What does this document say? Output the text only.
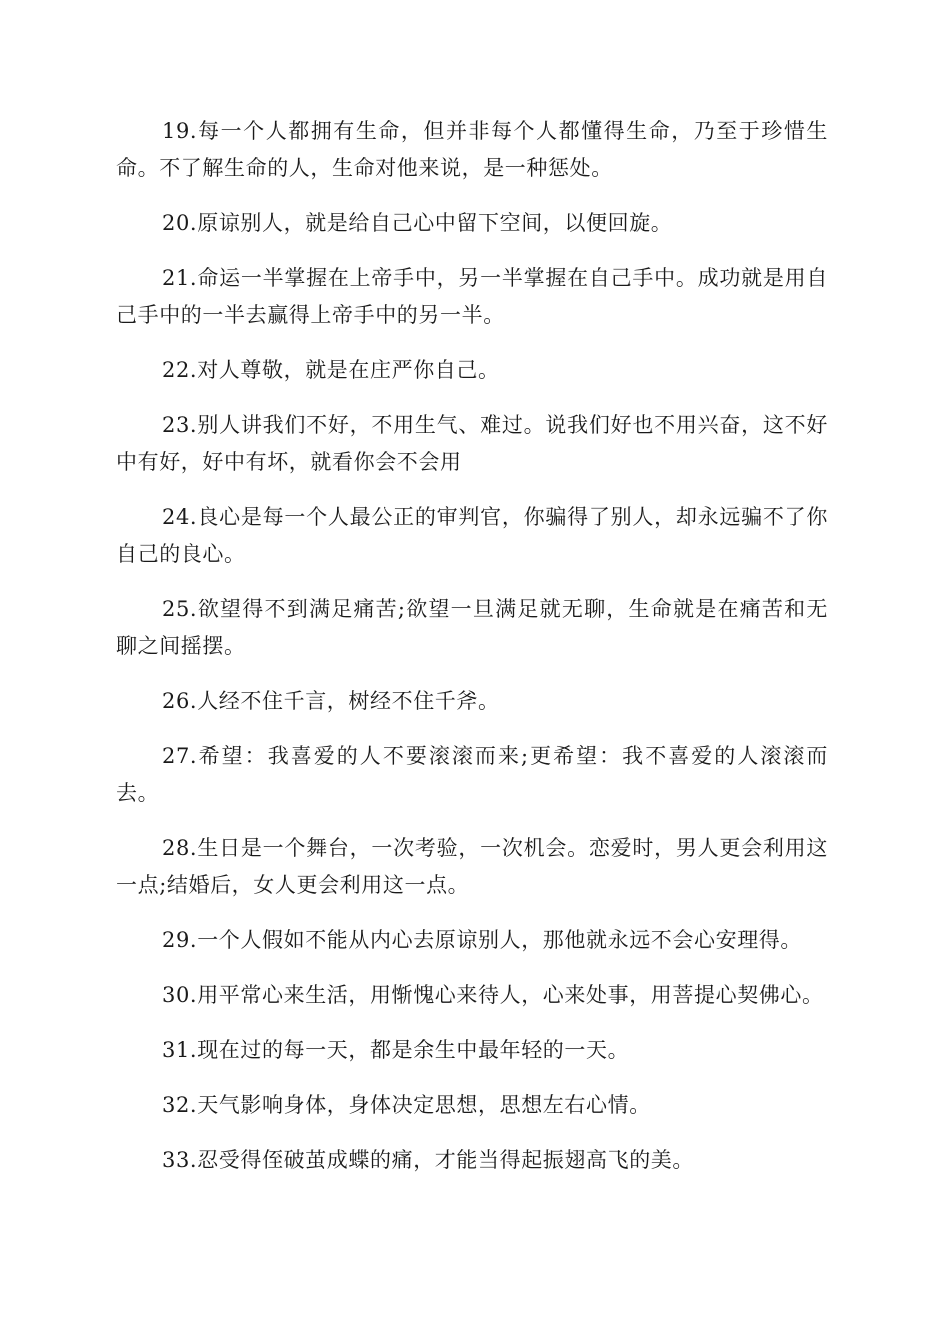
19.每一个人都拥有生命，但并非每个人都懂得生命，乃至于珍惜生命。不了解生命的人，生命对他来说，是一种惩处。

20.原谅别人，就是给自己心中留下空间，以便回旋。

21.命运一半掌握在上帝手中，另一半掌握在自己手中。成功就是用自己手中的一半去赢得上帝手中的另一半。

22.对人尊敬，就是在庄严你自己。

23.别人讲我们不好，不用生气、难过。说我们好也不用兴奋，这不好中有好，好中有坏，就看你会不会用

24.良心是每一个人最公正的审判官，你骗得了别人，却永远骗不了你自己的良心。

25.欲望得不到满足痛苦;欲望一旦满足就无聊，生命就是在痛苦和无聊之间摇摆。

26.人经不住千言，树经不住千斧。

27.希望：我喜爱的人不要滚滚而来;更希望：我不喜爱的人滚滚而去。

28.生日是一个舞台，一次考验，一次机会。恋爱时，男人更会利用这一点;结婚后，女人更会利用这一点。

29.一个人假如不能从内心去原谅别人，那他就永远不会心安理得。

30.用平常心来生活，用惭愧心来待人，心来处事，用菩提心契佛心。

31.现在过的每一天，都是余生中最年轻的一天。

32.天气影响身体，身体决定思想，思想左右心情。

33.忍受得侄破茧成蝶的痛，才能当得起振翅高飞的美。
